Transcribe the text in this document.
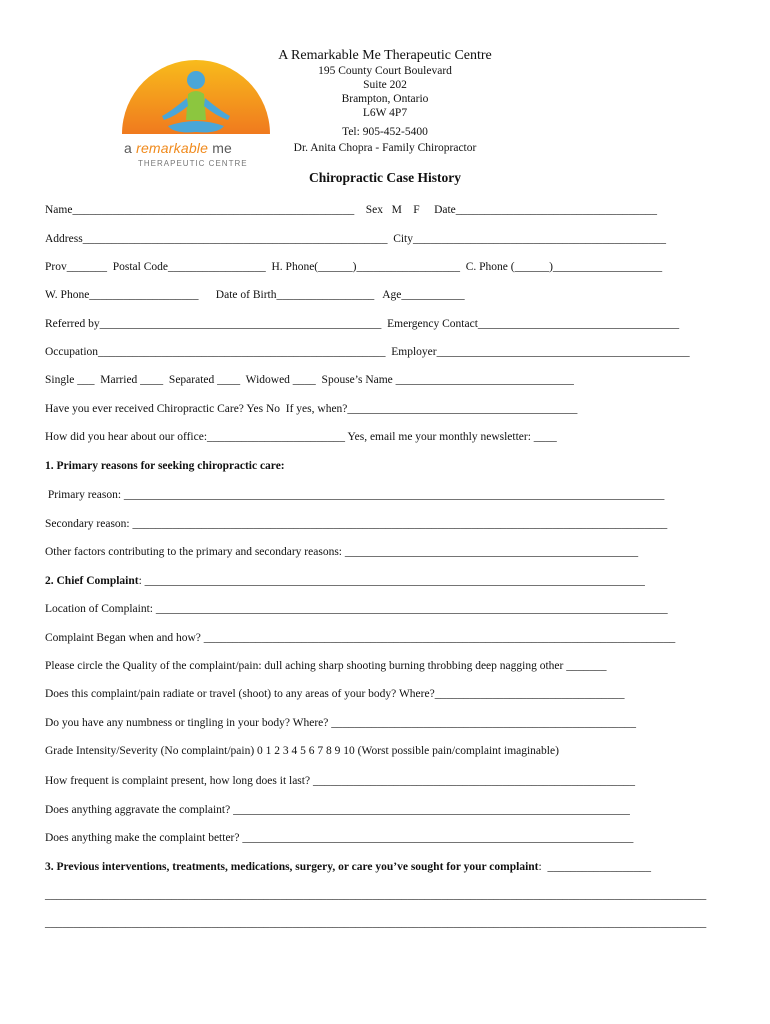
a remarkable me
THERAPEUTIC CENTRE
A Remarkable Me Therapeutic Centre
195 County Court Boulevard
Suite 202
Brampton, Ontario
L6W 4P7
Tel: 905-452-5400
Dr. Anita Chopra - Family Chiropractor
Chiropractic Case History
Name_________________________________________________    Sex   M    F     Date___________________________________
Address_____________________________________________________  City____________________________________________
Prov_______  Postal Code_________________  H. Phone(______)__________________  C. Phone (______)___________________
W. Phone___________________      Date of Birth_________________   Age___________
Referred by_________________________________________________  Emergency Contact___________________________________
Occupation__________________________________________________  Employer____________________________________________
Single ___  Married ____  Separated ____  Widowed ____  Spouse’s Name _______________________________
Have you ever received Chiropractic Care? Yes No  If yes, when?________________________________________
How did you hear about our office:________________________ Yes, email me your monthly newsletter: ____
1. Primary reasons for seeking chiropractic care:
Primary reason: ______________________________________________________________________________________________
Secondary reason: _____________________________________________________________________________________________
Other factors contributing to the primary and secondary reasons: ___________________________________________________
2. Chief Complaint: _______________________________________________________________________________________
Location of Complaint: _________________________________________________________________________________________
Complaint Began when and how? __________________________________________________________________________________
Please circle the Quality of the complaint/pain: dull aching sharp shooting burning throbbing deep nagging other _______
Does this complaint/pain radiate or travel (shoot) to any areas of your body? Where?_________________________________
Do you have any numbness or tingling in your body? Where? _____________________________________________________
Grade Intensity/Severity (No complaint/pain) 0 1 2 3 4 5 6 7 8 9 10 (Worst possible pain/complaint imaginable)
How frequent is complaint present, how long does it last? ________________________________________________________
Does anything aggravate the complaint? _____________________________________________________________________
Does anything make the complaint better? ____________________________________________________________________
3. Previous interventions, treatments, medications, surgery, or care you’ve sought for your complaint:  __________________
___________________________________________________________________________________________________________________
___________________________________________________________________________________________________________________
